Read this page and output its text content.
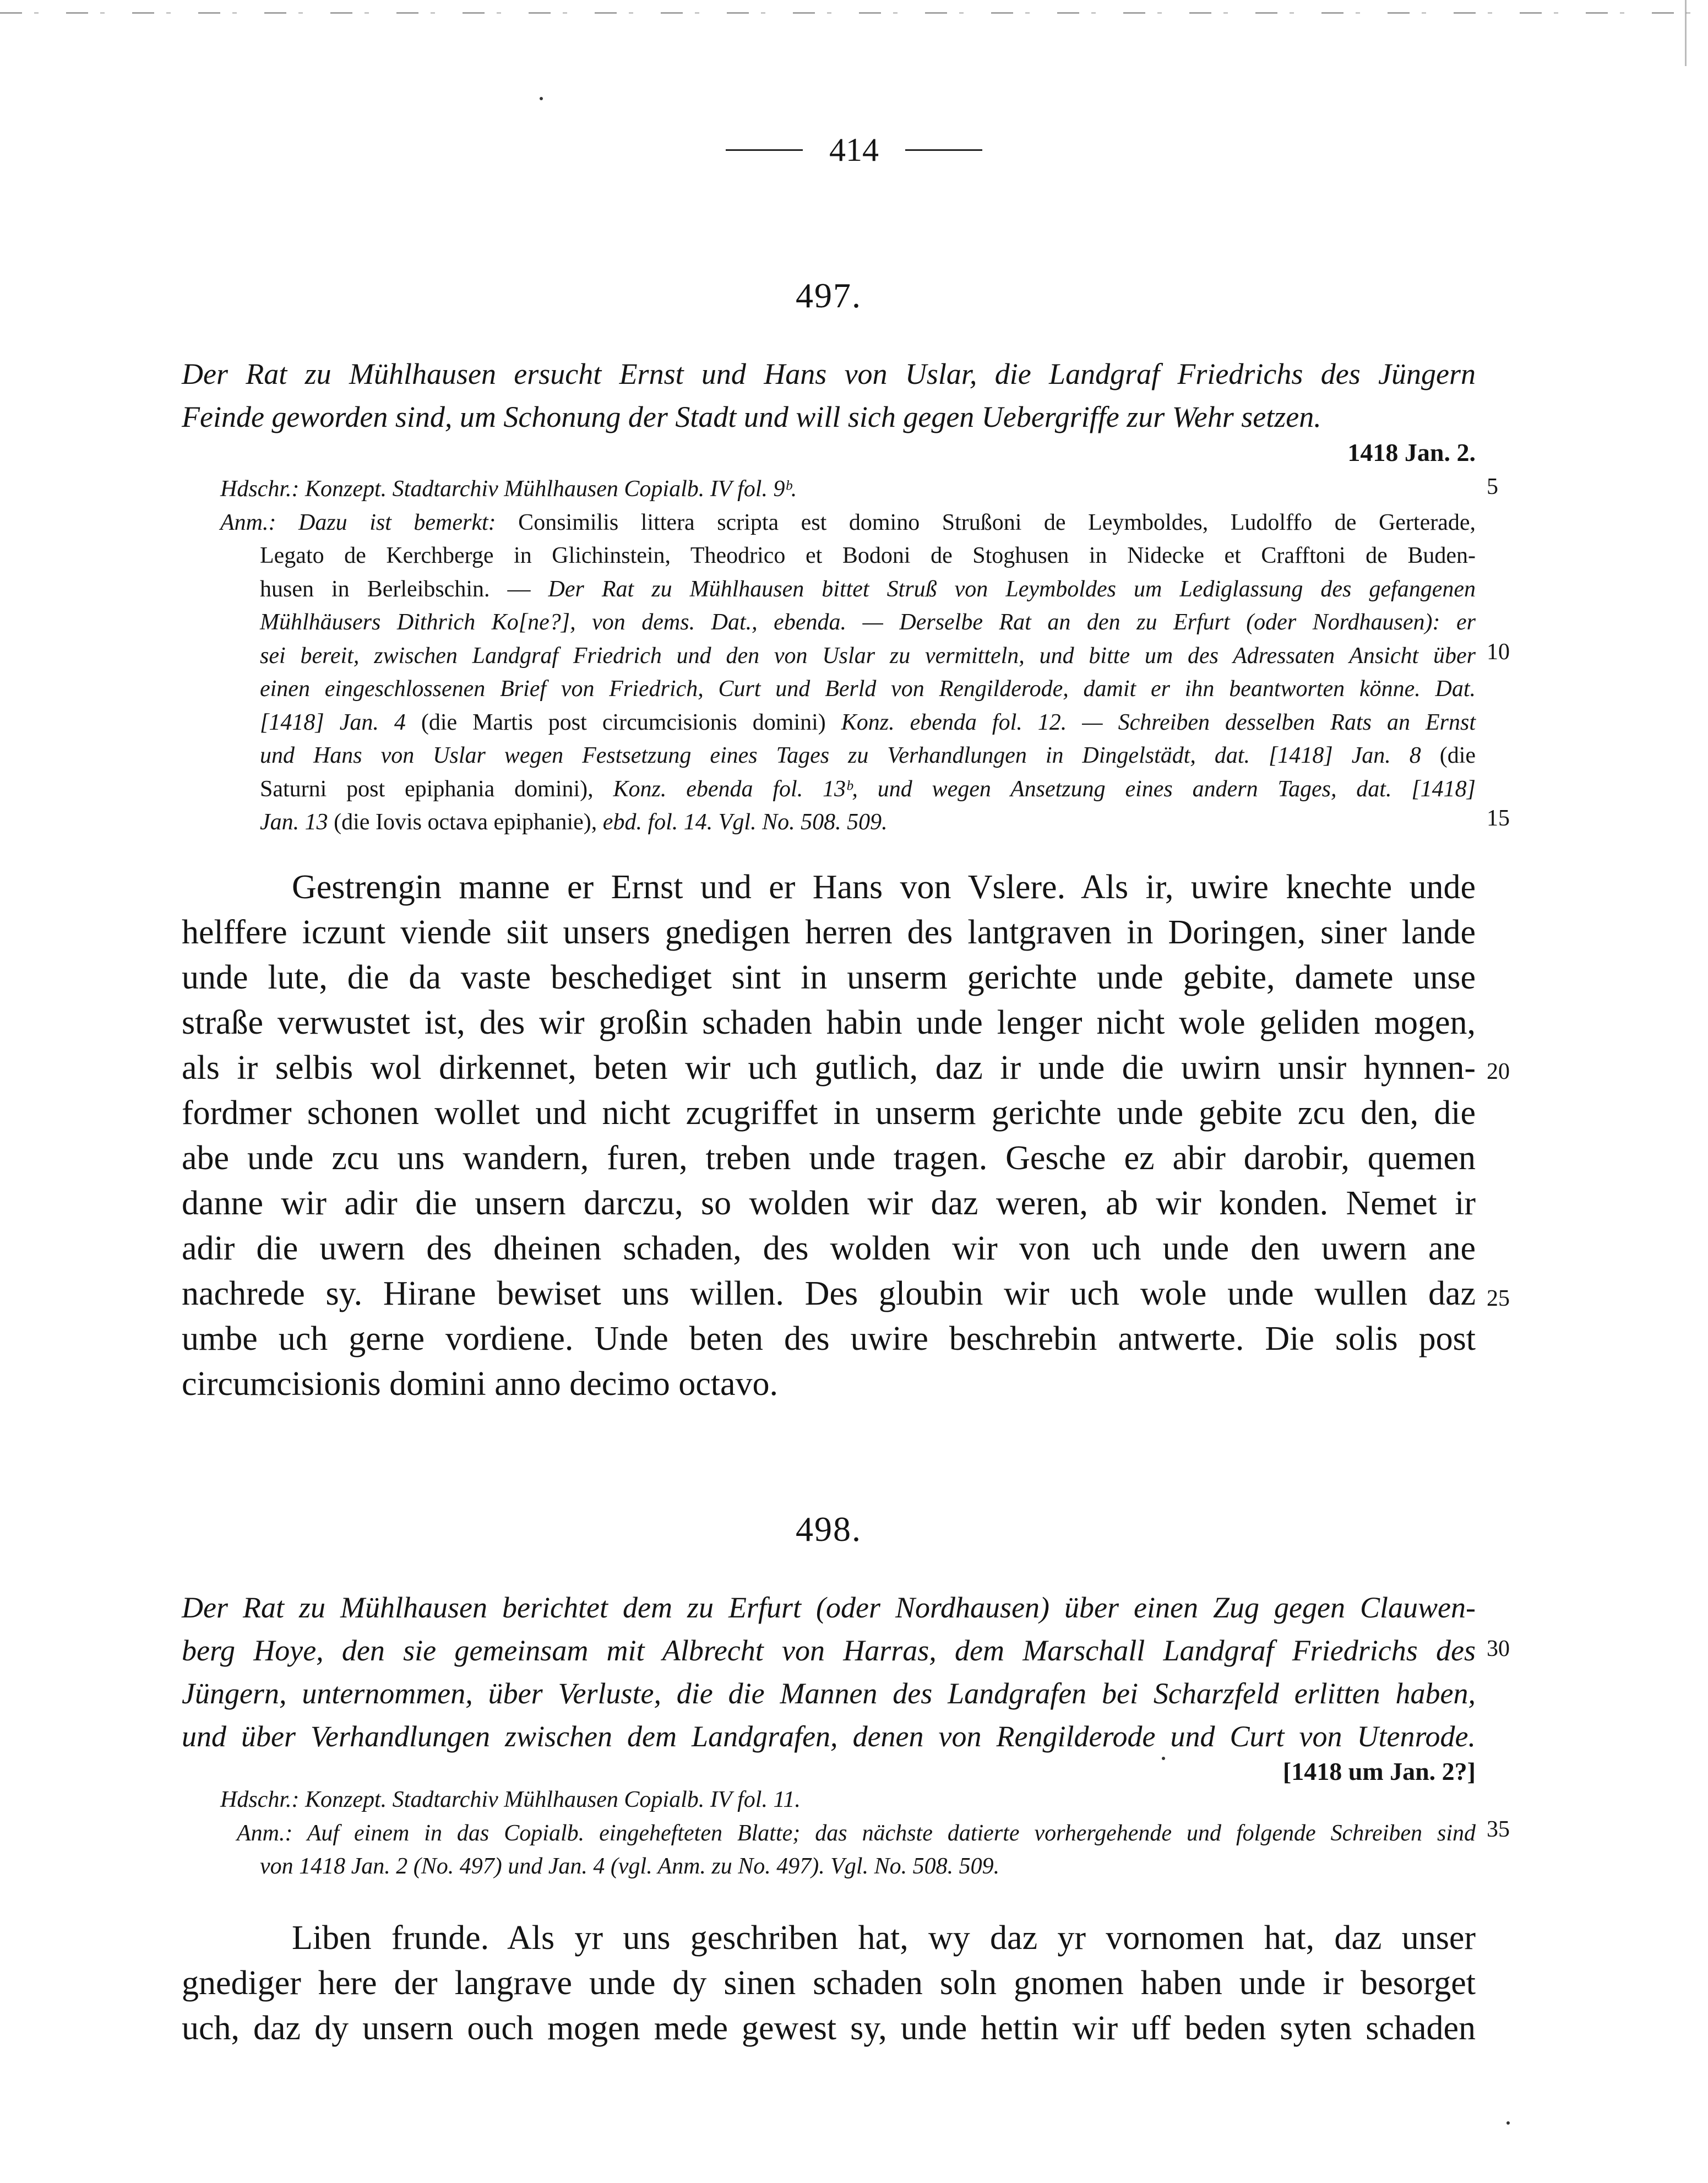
414
497.
Der Rat zu Mühlhausen ersucht Ernst und Hans von Uslar, die Landgraf Friedrichs des Jüngern
Feinde geworden sind, um Schonung der Stadt und will sich gegen Uebergriffe zur Wehr setzen.
1418 Jan. 2.
Hdschr.: Konzept. Stadtarchiv Mühlhausen Copialb. IV fol. 9ᵇ.
Anm.: Dazu ist bemerkt: Consimilis littera scripta est domino Strußoni de Leymboldes, Ludolffo de Gerterade,
Legato de Kerchberge in Glichinstein, Theodrico et Bodoni de Stoghusen in Nidecke et Crafftoni de Buden-
husen in Berleibschin. — Der Rat zu Mühlhausen bittet Struß von Leymboldes um Lediglassung des gefangenen
Mühlhäusers Dithrich Ko[ne?], von dems. Dat., ebenda. — Derselbe Rat an den zu Erfurt (oder Nordhausen): er
sei bereit, zwischen Landgraf Friedrich und den von Uslar zu vermitteln, und bitte um des Adressaten Ansicht über
einen eingeschlossenen Brief von Friedrich, Curt und Berld von Rengilderode, damit er ihn beantworten könne. Dat.
[1418] Jan. 4 (die Martis post circumcisionis domini) Konz. ebenda fol. 12. — Schreiben desselben Rats an Ernst
und Hans von Uslar wegen Festsetzung eines Tages zu Verhandlungen in Dingelstädt, dat. [1418] Jan. 8 (die
Saturni post epiphania domini), Konz. ebenda fol. 13ᵇ, und wegen Ansetzung eines andern Tages, dat. [1418]
Jan. 13 (die Iovis octava epiphanie), ebd. fol. 14. Vgl. No. 508. 509.
Gestrengin manne er Ernst und er Hans von Vslere. Als ir, uwire knechte unde
helffere iczunt viende siit unsers gnedigen herren des lantgraven in Doringen, siner lande
unde lute, die da vaste beschediget sint in unserm gerichte unde gebite, damete unse
straße verwustet ist, des wir großin schaden habin unde lenger nicht wole geliden mogen,
als ir selbis wol dirkennet, beten wir uch gutlich, daz ir unde die uwirn unsir hynnen-
fordmer schonen wollet und nicht zcugriffet in unserm gerichte unde gebite zcu den, die
abe unde zcu uns wandern, furen, treben unde tragen. Gesche ez abir darobir, quemen
danne wir adir die unsern darczu, so wolden wir daz weren, ab wir konden. Nemet ir
adir die uwern des dheinen schaden, des wolden wir von uch unde den uwern ane
nachrede sy. Hirane bewiset uns willen. Des gloubin wir uch wole unde wullen daz
umbe uch gerne vordiene. Unde beten des uwire beschrebin antwerte. Die solis post
circumcisionis domini anno decimo octavo.
498.
Der Rat zu Mühlhausen berichtet dem zu Erfurt (oder Nordhausen) über einen Zug gegen Clauwen-
berg Hoye, den sie gemeinsam mit Albrecht von Harras, dem Marschall Landgraf Friedrichs des
Jüngern, unternommen, über Verluste, die die Mannen des Landgrafen bei Scharzfeld erlitten haben,
und über Verhandlungen zwischen dem Landgrafen, denen von Rengilderode und Curt von Utenrode.
[1418 um Jan. 2?]
Hdschr.: Konzept. Stadtarchiv Mühlhausen Copialb. IV fol. 11.
Anm.: Auf einem in das Copialb. eingehefteten Blatte; das nächste datierte vorhergehende und folgende Schreiben sind
von 1418 Jan. 2 (No. 497) und Jan. 4 (vgl. Anm. zu No. 497). Vgl. No. 508. 509.
Liben frunde. Als yr uns geschriben hat, wy daz yr vornomen hat, daz unser
gnediger here der langrave unde dy sinen schaden soln gnomen haben unde ir besorget
uch, daz dy unsern ouch mogen mede gewest sy, unde hettin wir uff beden syten schaden
5
10
15
20
25
30
35
